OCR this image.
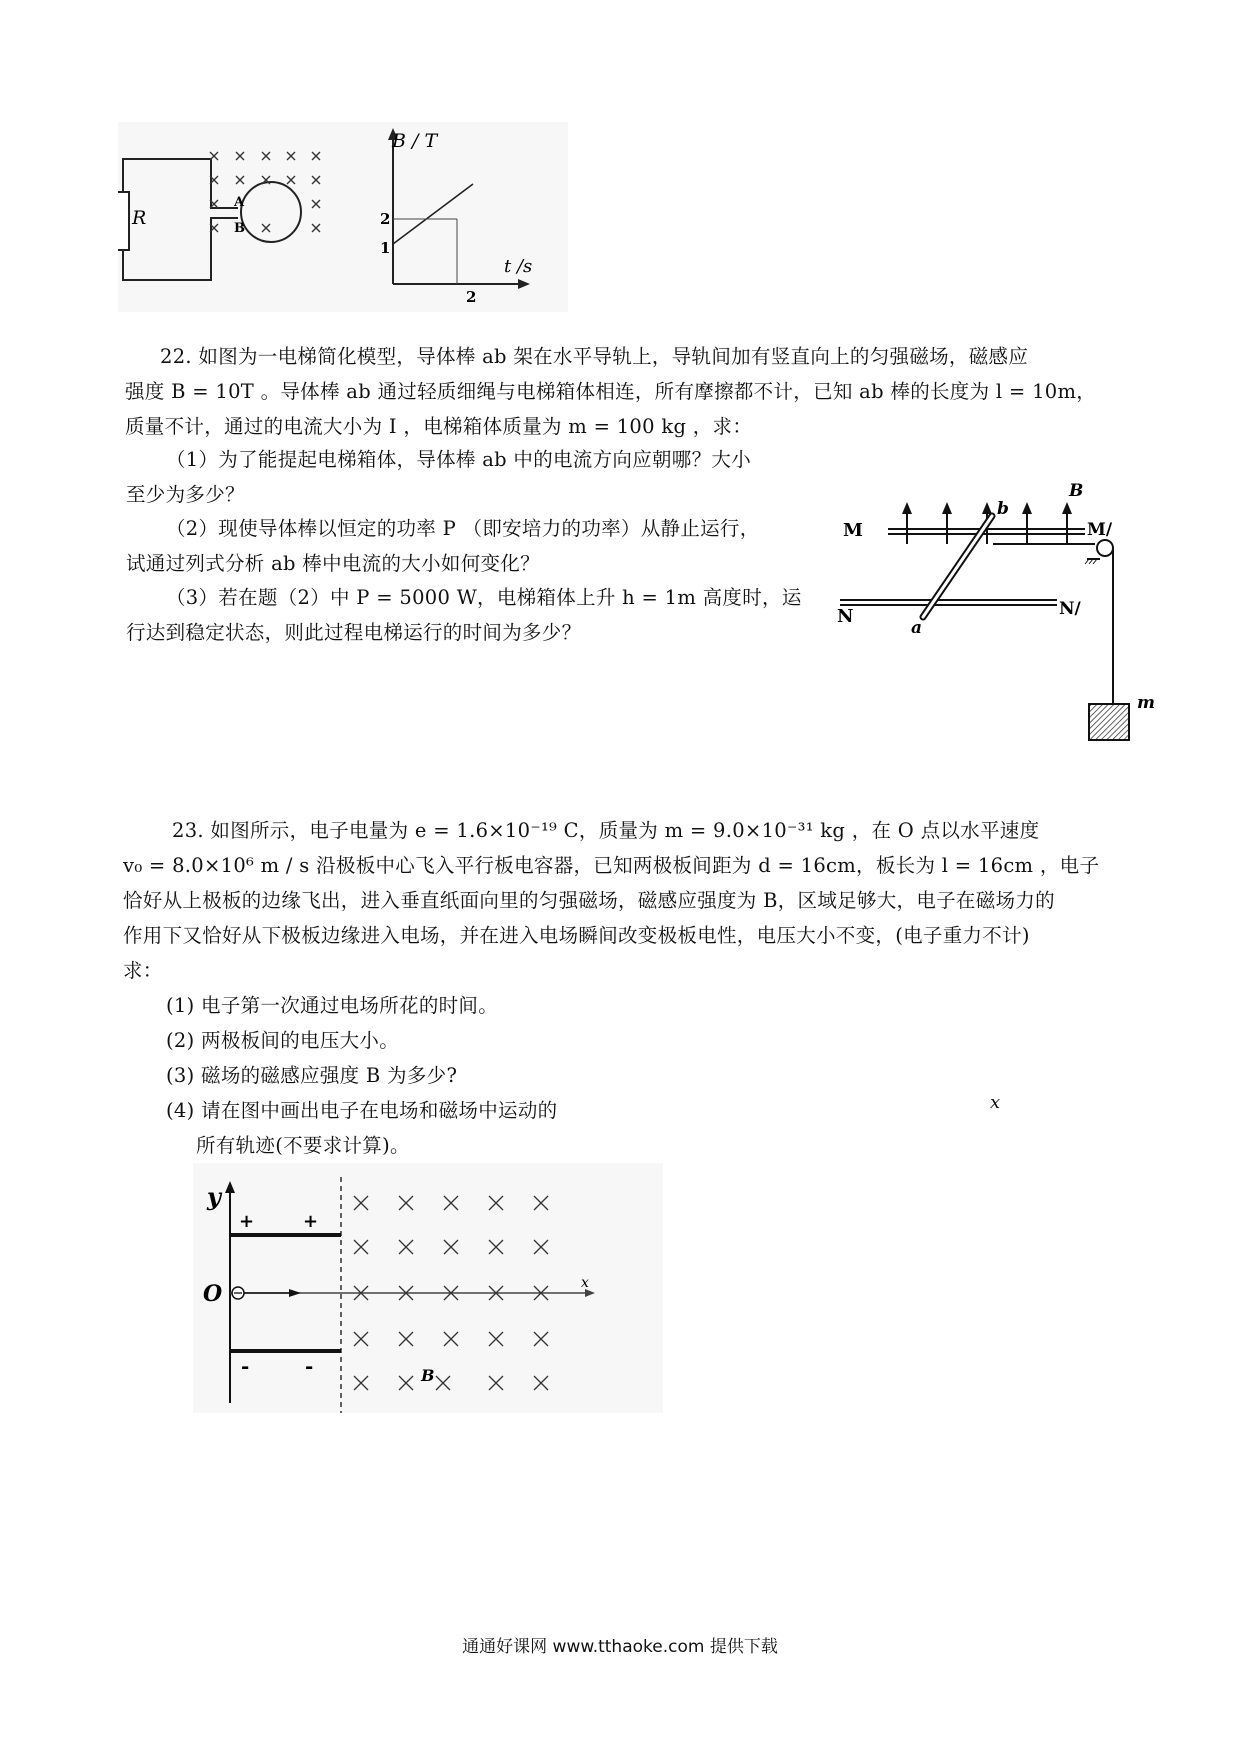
R
A
B
B / T
t /s
2
1
2
22. 如图为一电梯简化模型，导体棒 ab 架在水平导轨上，导轨间加有竖直向上的匀强磁场，磁感应
强度 B = 10T 。导体棒 ab 通过轻质细绳与电梯箱体相连，所有摩擦都不计，已知 ab 棒的长度为 l = 10m，
质量不计，通过的电流大小为 I ，电梯箱体质量为 m = 100 kg ，求：
（1）为了能提起电梯箱体，导体棒 ab 中的电流方向应朝哪？大小
至少为多少？
（2）现使导体棒以恒定的功率 P （即安培力的功率）从静止运行，
试通过列式分析 ab 棒中电流的大小如何变化？
（3）若在题（2）中 P = 5000 W，电梯箱体上升 h = 1m 高度时，运
行达到稳定状态，则此过程电梯运行的时间为多少？
B
M	M/
N	N/
a
b
m
23. 如图所示，电子电量为 e = 1.6×10⁻¹⁹ C，质量为 m = 9.0×10⁻³¹ kg ，在 O 点以水平速度
v₀ = 8.0×10⁶ m / s 沿极板中心飞入平行板电容器，已知两极板间距为 d = 16cm，板长为 l = 16cm ，电子
恰好从上极板的边缘飞出，进入垂直纸面向里的匀强磁场，磁感应强度为 B，区域足够大，电子在磁场力的
作用下又恰好从下极板边缘进入电场，并在进入电场瞬间改变极板电性，电压大小不变，(电子重力不计)
求：
(1) 电子第一次通过电场所花的时间。
(2) 两极板间的电压大小。
(3) 磁场的磁感应强度 B 为多少?
(4) 请在图中画出电子在电场和磁场中运动的
所有轨迹(不要求计算)。
x
y
O	x
B
+	+
-	-
通通好课网 www.tthaoke.com 提供下载
